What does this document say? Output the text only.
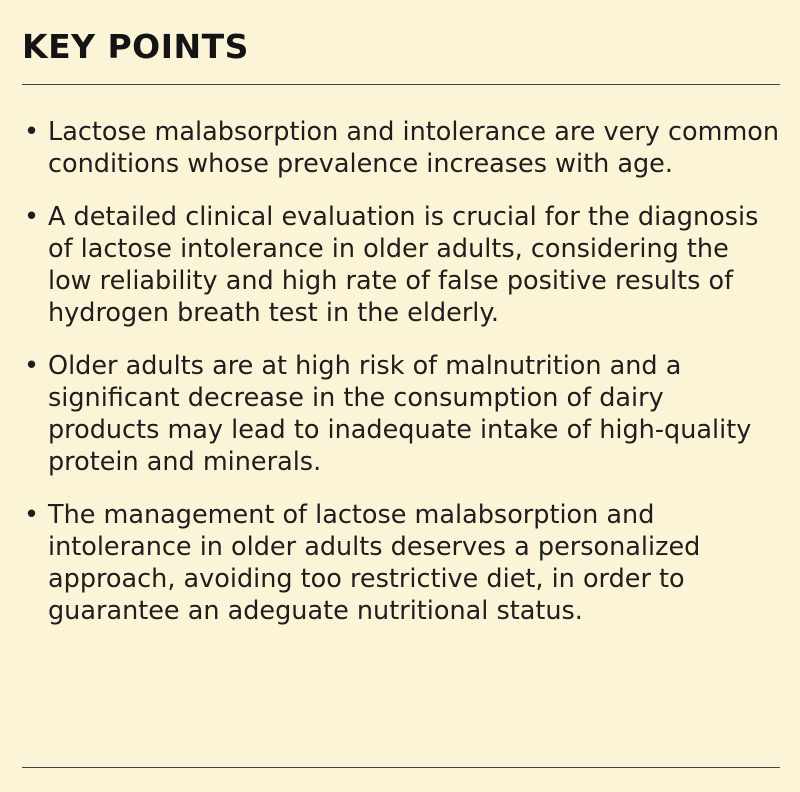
KEY POINTS
• Lactose malabsorption and intolerance are very common conditions whose prevalence increases with age.
• A detailed clinical evaluation is crucial for the diagnosis of lactose intolerance in older adults, considering the low reliability and high rate of false positive results of hydrogen breath test in the elderly.
• Older adults are at high risk of malnutrition and a significant decrease in the consumption of dairy products may lead to inadequate intake of high-quality protein and minerals.
• The management of lactose malabsorption and intolerance in older adults deserves a personalized approach, avoiding too restrictive diet, in order to guarantee an adeguate nutritional status.
